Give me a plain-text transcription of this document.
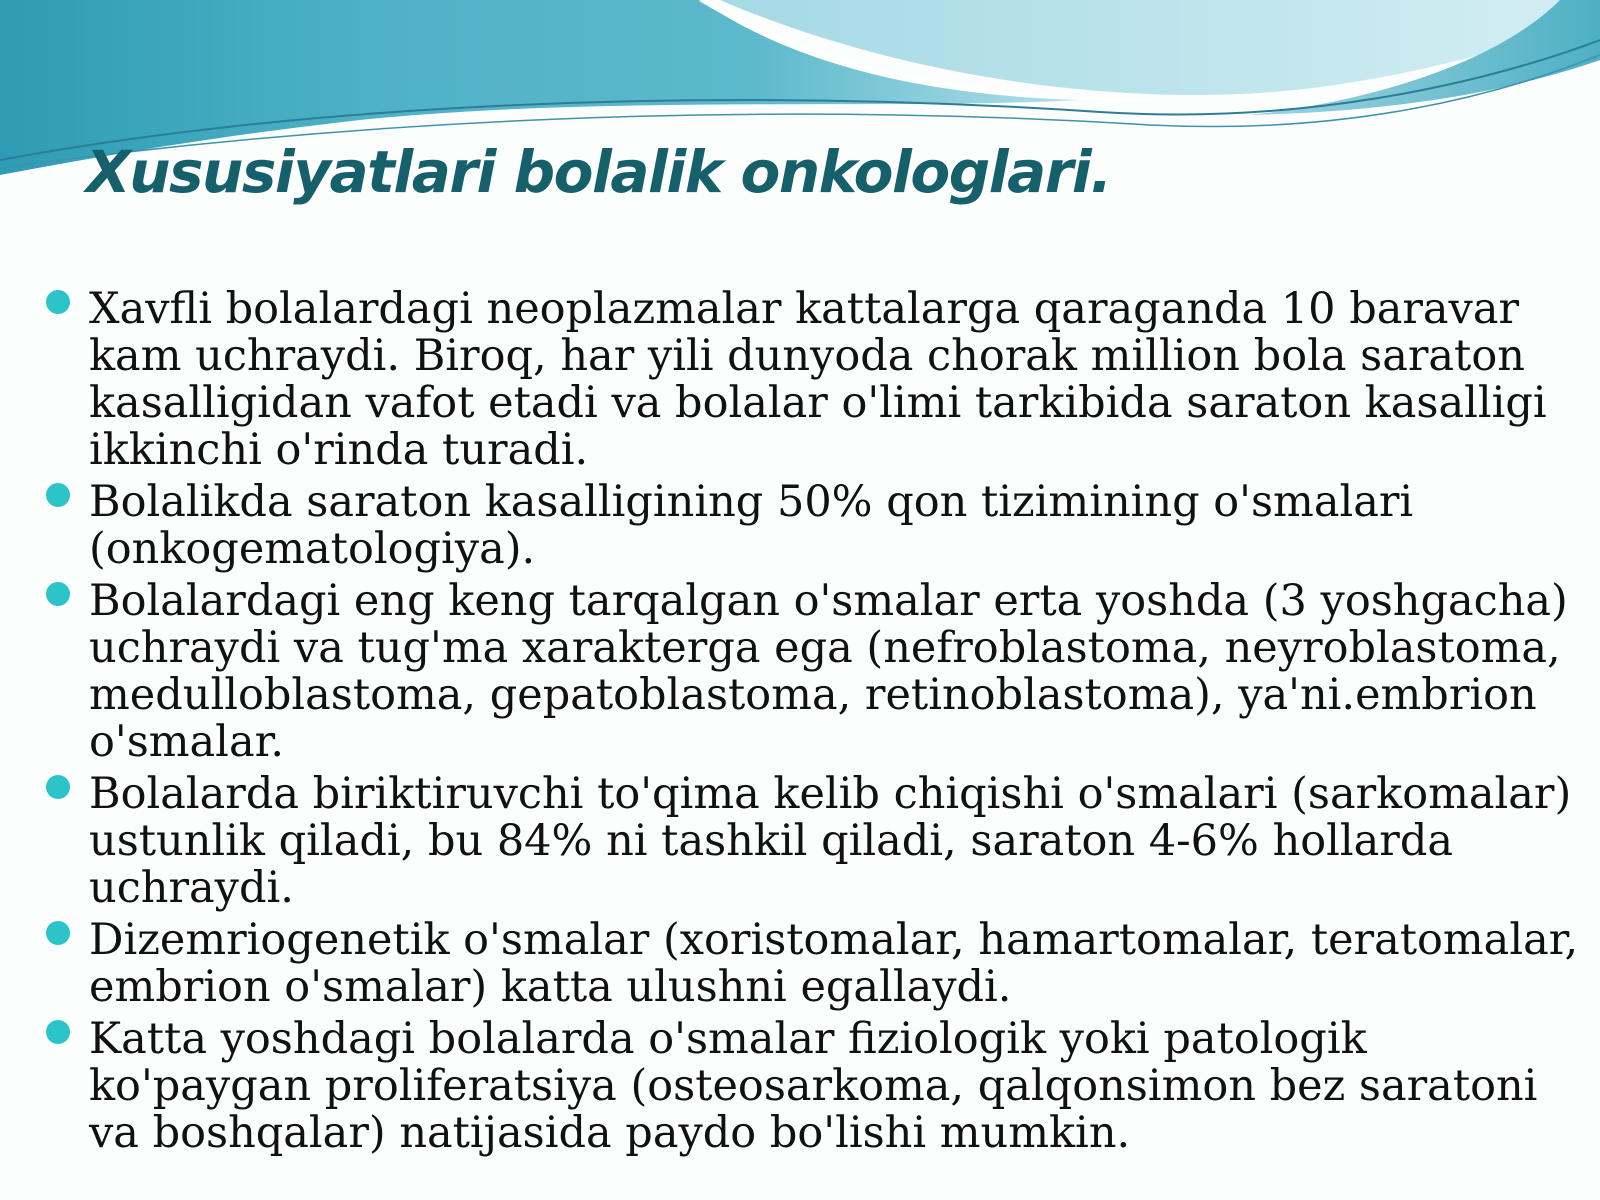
Xususiyatlari bolalik onkologlari.
Xavfli bolalardagi neoplazmalar kattalarga qaraganda 10 baravar kam uchraydi. Biroq, har yili dunyoda chorak million bola saraton kasalligidan vafot etadi va bolalar o'limi tarkibida saraton kasalligi ikkinchi o'rinda turadi.
Bolalikda saraton kasalligining 50% qon tizimining o'smalari (onkogematologiya).
Bolalardagi eng keng tarqalgan o'smalar erta yoshda (3 yoshgacha) uchraydi va tug'ma xarakterga ega (nefroblastoma, neyroblastoma, medulloblastoma, gepatoblastoma, retinoblastoma), ya'ni.embrion o'smalar.
Bolalarda biriktiruvchi to'qima kelib chiqishi o'smalari (sarkomalar) ustunlik qiladi, bu 84% ni tashkil qiladi, saraton 4-6% hollarda uchraydi.
Dizemriogenetik o'smalar (xoristomalar, hamartomalar, teratomalar, embrion o'smalar) katta ulushni egallaydi.
Katta yoshdagi bolalarda o'smalar fiziologik yoki patologik ko'paygan proliferatsiya (osteosarkoma, qalqonsimon bez saratoni va boshqalar) natijasida paydo bo'lishi mumkin.
